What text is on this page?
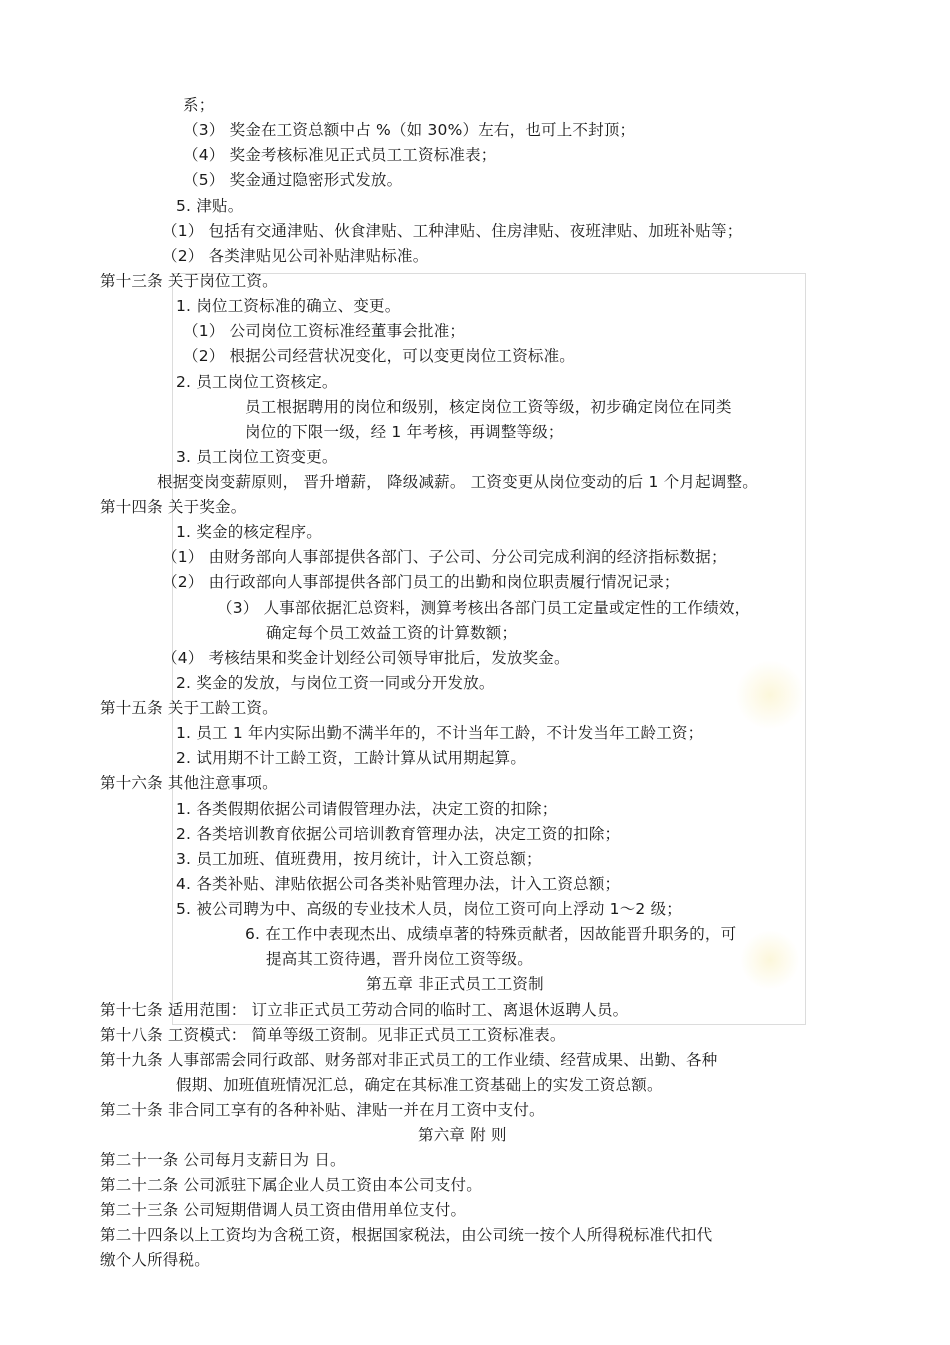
系；
（3） 奖金在工资总额中占 %（如 30%）左右，也可上不封顶；
（4） 奖金考核标准见正式员工工资标准表；
（5） 奖金通过隐密形式发放。
5. 津贴。
（1） 包括有交通津贴、伙食津贴、工种津贴、住房津贴、夜班津贴、加班补贴等；
（2） 各类津贴见公司补贴津贴标准。
第十三条 关于岗位工资。
1. 岗位工资标准的确立、变更。
（1） 公司岗位工资标准经董事会批准；
（2） 根据公司经营状况变化，可以变更岗位工资标准。
2. 员工岗位工资核定。
员工根据聘用的岗位和级别，核定岗位工资等级，初步确定岗位在同类
岗位的下限一级，经 1 年考核，再调整等级；
3. 员工岗位工资变更。
根据变岗变薪原则， 晋升增薪， 降级减薪。 工资变更从岗位变动的后 1 个月起调整。
第十四条 关于奖金。
1. 奖金的核定程序。
（1） 由财务部向人事部提供各部门、子公司、分公司完成利润的经济指标数据；
（2） 由行政部向人事部提供各部门员工的出勤和岗位职责履行情况记录；
（3） 人事部依据汇总资料，测算考核出各部门员工定量或定性的工作绩效，
确定每个员工效益工资的计算数额；
（4） 考核结果和奖金计划经公司领导审批后，发放奖金。
2. 奖金的发放，与岗位工资一同或分开发放。
第十五条 关于工龄工资。
1. 员工 1 年内实际出勤不满半年的，不计当年工龄，不计发当年工龄工资；
2. 试用期不计工龄工资，工龄计算从试用期起算。
第十六条 其他注意事项。
1. 各类假期依据公司请假管理办法，决定工资的扣除；
2. 各类培训教育依据公司培训教育管理办法，决定工资的扣除；
3. 员工加班、值班费用，按月统计，计入工资总额；
4. 各类补贴、津贴依据公司各类补贴管理办法，计入工资总额；
5. 被公司聘为中、高级的专业技术人员，岗位工资可向上浮动 1～2 级；
6. 在工作中表现杰出、成绩卓著的特殊贡献者，因故能晋升职务的，可
提高其工资待遇，晋升岗位工资等级。
第五章 非正式员工工资制
第十七条 适用范围： 订立非正式员工劳动合同的临时工、离退休返聘人员。
第十八条 工资模式： 简单等级工资制。见非正式员工工资标准表。
第十九条 人事部需会同行政部、财务部对非正式员工的工作业绩、经营成果、出勤、各种
假期、加班值班情况汇总，确定在其标准工资基础上的实发工资总额。
第二十条 非合同工享有的各种补贴、津贴一并在月工资中支付。
第六章 附 则
第二十一条 公司每月支薪日为 日。
第二十二条 公司派驻下属企业人员工资由本公司支付。
第二十三条 公司短期借调人员工资由借用单位支付。
第二十四条以上工资均为含税工资，根据国家税法，由公司统一按个人所得税标准代扣代
缴个人所得税。
